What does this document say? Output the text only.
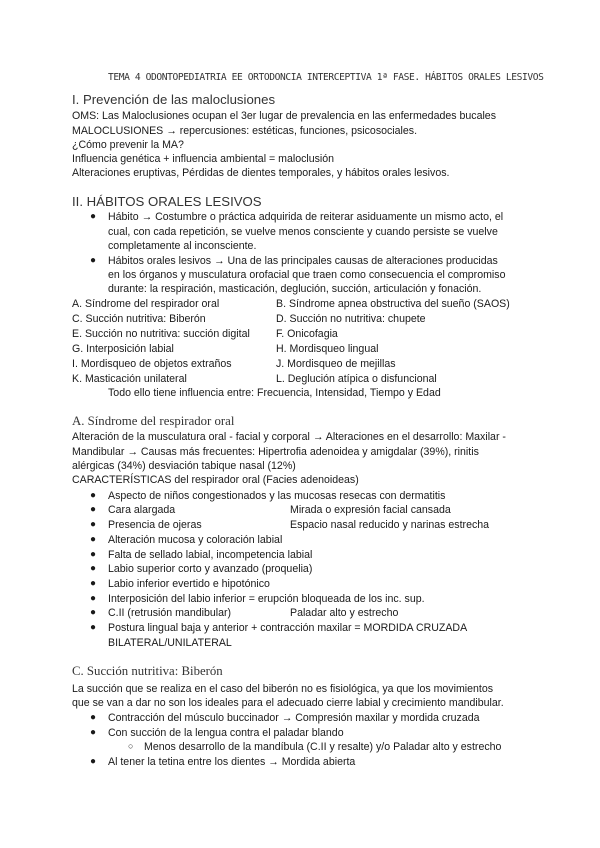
TEMA 4 ODONTOPEDIATRIA EE ORTODONCIA INTERCEPTIVA 1ª FASE. HÁBITOS ORALES LESIVOS
I. Prevención de las maloclusiones
OMS: Las Maloclusiones ocupan el 3er lugar de prevalencia en las enfermedades bucales
MALOCLUSIONES → repercusiones: estéticas, funciones, psicosociales.
¿Cómo prevenir la MA?
Influencia genética + influencia ambiental = maloclusión
Alteraciones eruptivas, Pérdidas de dientes temporales, y hábitos orales lesivos.
II. HÁBITOS ORALES LESIVOS
● Hábito → Costumbre o práctica adquirida de reiterar asiduamente un mismo acto, el
cual, con cada repetición, se vuelve menos consciente y cuando persiste se vuelve
completamente al inconsciente.
● Hábitos orales lesivos → Una de las principales causas de alteraciones producidas
en los órganos y musculatura orofacial que traen como consecuencia el compromiso
durante: la respiración, masticación, deglución, succión, articulación y fonación.
A. Síndrome del respirador oral	B. Síndrome apnea obstructiva del sueño (SAOS)
C. Succión nutritiva: Biberón	D. Succión no nutritiva: chupete
E. Succión no nutritiva: succión digital F. Onicofagia
G. Interposición labial	H. Mordisqueo lingual
I. Mordisqueo de objetos extraños	J. Mordisqueo de mejillas
K. Masticación unilateral	L. Deglución atípica o disfuncional
Todo ello tiene influencia entre: Frecuencia, Intensidad, Tiempo y Edad
A. Síndrome del respirador oral
Alteración de la musculatura oral - facial y corporal → Alteraciones en el desarrollo: Maxilar -
Mandibular → Causas más frecuentes: Hipertrofia adenoidea y amigdalar (39%), rinitis
alérgicas (34%) desviación tabique nasal (12%)
CARACTERÍSTICAS del respirador oral (Facies adenoideas)
● Aspecto de niños congestionados y las mucosas resecas con dermatitis
● Cara alargada	Mirada o expresión facial cansada
● Presencia de ojeras	Espacio nasal reducido y narinas estrecha
● Alteración mucosa y coloración labial
● Falta de sellado labial, incompetencia labial
● Labio superior corto y avanzado (proquelia)
● Labio inferior evertido e hipotónico
● Interposición del labio inferior = erupción bloqueada de los inc. sup.
● C.II (retrusión mandibular)	Paladar alto y estrecho
● Postura lingual baja y anterior + contracción maxilar = MORDIDA CRUZADA
BILATERAL/UNILATERAL
C. Succión nutritiva: Biberón
La succión que se realiza en el caso del biberón no es fisiológica, ya que los movimientos
que se van a dar no son los ideales para el adecuado cierre labial y crecimiento mandibular.
● Contracción del músculo buccinador → Compresión maxilar y mordida cruzada
● Con succión de la lengua contra el paladar blando
○ Menos desarrollo de la mandíbula (C.II y resalte) y/o Paladar alto y estrecho
● Al tener la tetina entre los dientes → Mordida abierta
